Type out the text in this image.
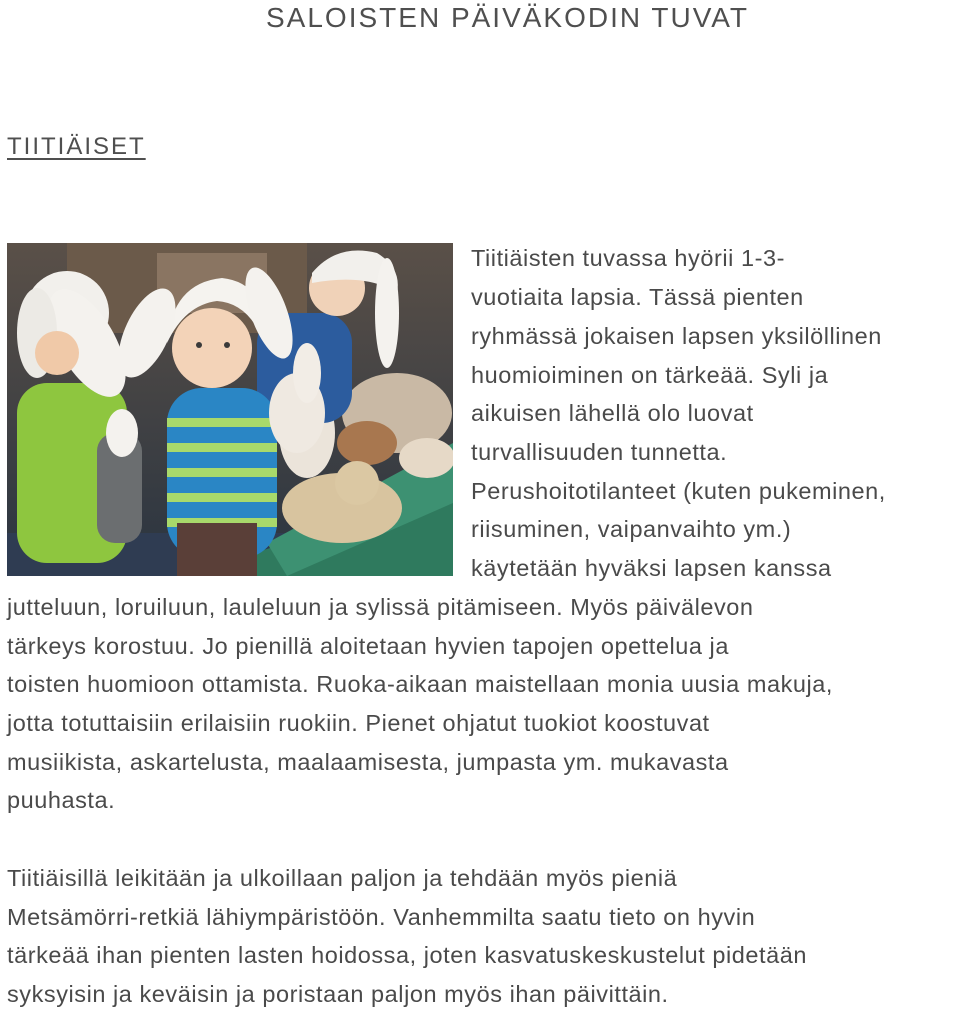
SALOISTEN PÄIVÄKODIN TUVAT
TIITIÄISET

Tiitiäisten tuvassa hyörii 1-3-

vuotiaita lapsia. Tässä pienten

ryhmässä jokaisen lapsen yksilöllinen

huomioiminen on tärkeää. Syli ja

aikuisen lähellä olo luovat

turvallisuuden tunnetta.

Perushoitotilanteet (kuten pukeminen,

riisuminen, vaipanvaihto ym.)

käytetään hyväksi lapsen kanssa

jutteluun, loruiluun, lauleluun ja sylissä pitämiseen. Myös päivälevon

tärkeys korostuu. Jo pienillä aloitetaan hyvien tapojen opettelua ja

toisten huomioon ottamista. Ruoka-aikaan maistellaan monia uusia makuja,

jotta totuttaisiin erilaisiin ruokiin. Pienet ohjatut tuokiot koostuvat

musiikista, askartelusta, maalaamisesta, jumpasta ym. mukavasta

puuhasta.

Tiitiäisillä leikitään ja ulkoillaan paljon ja tehdään myös pieniä

Metsämörri-retkiä lähiympäristöön. Vanhemmilta saatu tieto on hyvin

tärkeää ihan pienten lasten hoidossa, joten kasvatuskeskustelut pidetään

syksyisin ja keväisin ja poristaan paljon myös ihan päivittäin.
